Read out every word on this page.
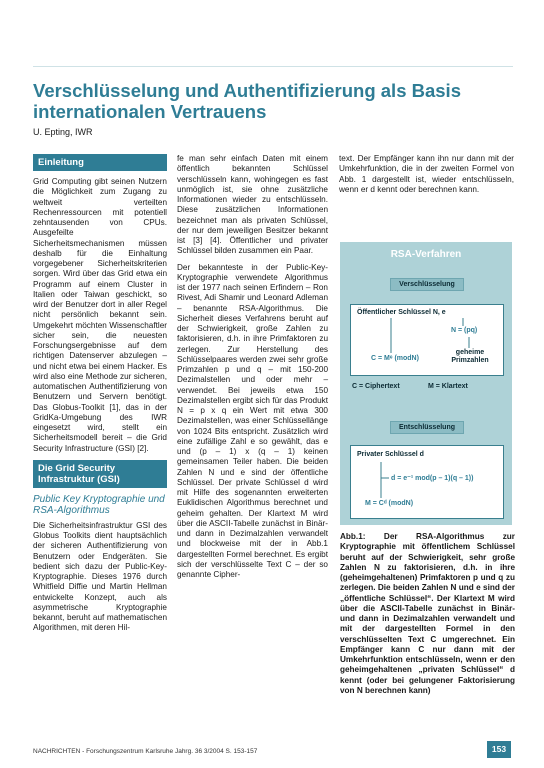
Verschlüsselung und Authentifizierung als Basis internationalen Vertrauens
U. Epting, IWR
Einleitung

Grid Computing gibt seinen Nutzern die Möglichkeit zum Zugang zu weltweit verteilten Rechenressourcen mit potentiell zehntausenden von CPUs. Ausgefeilte Sicherheitsmechanismen müssen deshalb für die Einhaltung vorgegebener Sicherheitskriterien sorgen. Wird über das Grid etwa ein Programm auf einem Cluster in Italien oder Taiwan geschickt, so wird der Benutzer dort in aller Regel nicht persönlich bekannt sein. Umgekehrt möchten Wissenschaftler sicher sein, die neuesten Forschungsergebnisse auf dem richtigen Datenserver abzulegen – und nicht etwa bei einem Hacker. Es wird also eine Methode zur sicheren, automatischen Authentifizierung von Benutzern und Servern benötigt. Das Globus-Toolkit [1], das in der GridKa-Umgebung des IWR eingesetzt wird, stellt ein Sicherheitsmodell bereit – die Grid Security Infrastructure (GSI) [2].

Die Grid Security Infrastruktur (GSI)
Public Key Kryptographie und RSA-Algorithmus

Die Sicherheitsinfrastruktur GSI des Globus Toolkits dient hauptsächlich der sicheren Authentifizierung von Benutzern oder Endgeräten. Sie bedient sich dazu der Public-Key-Kryptographie. Dieses 1976 durch Whitfield Diffie und Martin Hellman entwickelte Konzept, auch als asymmetrische Kryptographie bekannt, beruht auf mathematischen Algorithmen, mit deren Hil-

fe man sehr einfach Daten mit einem öffentlich bekannten Schlüssel verschlüsseln kann, wohingegen es fast unmöglich ist, sie ohne zusätzliche Informationen wieder zu entschlüsseln. Diese zusätzlichen Informationen bezeichnet man als privaten Schlüssel, der nur dem jeweiligen Besitzer bekannt ist [3] [4]. Öffentlicher und privater Schlüssel bilden zusammen ein Paar.

Der bekannteste in der Public-Key-Kryptographie verwendete Algorithmus ist der 1977 nach seinen Erfindern – Ron Rivest, Adi Shamir und Leonard Adleman – benannte RSA-Algorithmus. Die Sicherheit dieses Verfahrens beruht auf der Schwierigkeit, große Zahlen zu faktorisieren, d.h. in ihre Primfaktoren zu zerlegen. Zur Herstellung des Schlüsselpaares werden zwei sehr große Primzahlen p und q – mit 150-200 Dezimalstellen und oder mehr – verwendet. Bei jeweils etwa 150 Dezimalstellen ergibt sich für das Produkt N = p x q ein Wert mit etwa 300 Dezimalstellen, was einer Schlüssellänge von 1024 Bits entspricht. Zusätzlich wird eine zufällige Zahl e so gewählt, das e und (p – 1) x (q – 1) keinen gemeinsamen Teiler haben. Die beiden Zahlen N und e sind der öffentliche Schlüssel. Der private Schlüssel d wird mit Hilfe des sogenannten erweiterten Euklidischen Algorithmus berechnet und geheim gehalten. Der Klartext M wird über die ASCII-Tabelle zunächst in Binär- und dann in Dezimalzahlen verwandelt und blockweise mit der in Abb.1 dargestellten Formel berechnet. Es ergibt sich der verschlüsselte Text C – der so genannte Cipher-

text. Der Empfänger kann ihn nur dann mit der Umkehrfunktion, die in der zweiten Formel von Abb. 1 dargestellt ist, wieder entschlüsseln, wenn er d kennt oder berechnen kann.

RSA-Verfahren
Verschlüsselung
Öffentlicher Schlüssel N, e
N = (pq)
C = Mᵉ (modN)
geheime Primzahlen
C = Ciphertext	M = Klartext
Entschlüsselung
Privater Schlüssel d
d = e⁻¹ mod(p – 1)(q – 1))
M = Cᵈ (modN)
Abb.1: Der RSA-Algorithmus zur Kryptographie mit öffentlichem Schlüssel beruht auf der Schwierigkeit, sehr große Zahlen N zu faktorisieren, d.h. in ihre (geheimgehaltenen) Primfaktoren p und q zu zerlegen. Die beiden Zahlen N und e sind der „öffentliche Schlüssel“. Der Klartext M wird über die ASCII-Tabelle zunächst in Binär- und dann in Dezimalzahlen verwandelt und mit der dargestellten Formel in den verschlüsselten Text C umgerechnet. Ein Empfänger kann C nur dann mit der Umkehrfunktion entschlüsseln, wenn er den geheimgehaltenen „privaten Schlüssel“ d kennt (oder bei gelungener Faktorisierung von N berechnen kann)
NACHRICHTEN - Forschungszentrum Karlsruhe Jahrg. 36 3/2004 S. 153-157	153
